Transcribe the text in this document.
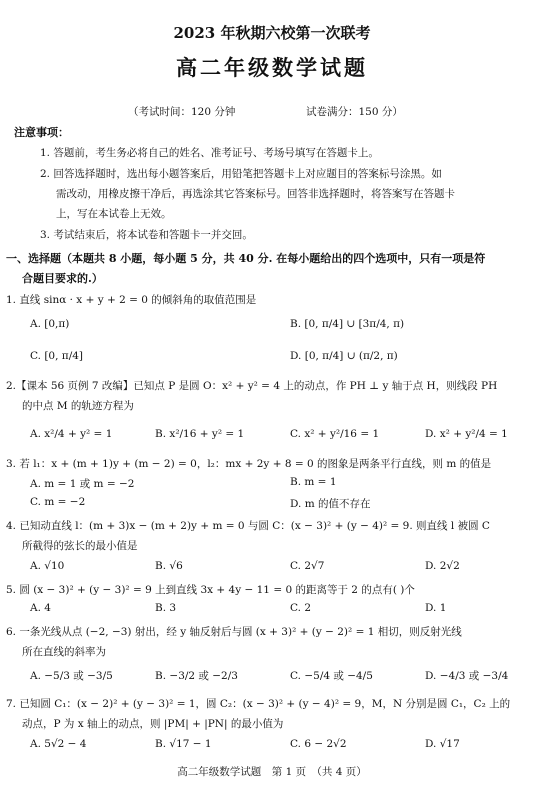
2023 年秋期六校第一次联考
高二年级数学试题
（考试时间：120 分钟	试卷满分：150 分）
注意事项：
1. 答题前，考生务必将自己的姓名、准考证号、考场号填写在答题卡上。
2. 回答选择题时，选出每小题答案后，用铅笔把答题卡上对应题目的答案标号涂黑。如
需改动，用橡皮擦干净后，再选涂其它答案标号。回答非选择题时，将答案写在答题卡
上，写在本试卷上无效。
3. 考试结束后，将本试卷和答题卡一并交回。
一、选择题（本题共 8 小题，每小题 5 分，共 40 分. 在每小题给出的四个选项中，只有一项是符
合题目要求的.）
1. 直线 sinα · x + y + 2 = 0 的倾斜角的取值范围是
A. [0,π)	B. [0, π/4] ∪ [3π/4, π)
C. [0, π/4]	D. [0, π/4] ∪ (π/2, π)
2.【课本 56 页例 7 改编】已知点 P 是圆 O：x² + y² = 4 上的动点，作 PH ⊥ y 轴于点 H，则线段 PH
的中点 M 的轨迹方程为
A. x²/4 + y² = 1	B. x²/16 + y² = 1	C. x² + y²/16 = 1	D. x² + y²/4 = 1
3. 若 l₁：x + (m + 1)y + (m − 2) = 0，l₂：mx + 2y + 8 = 0 的图象是两条平行直线，则 m 的值是
A. m = 1 或 m = −2	B. m = 1
C. m = −2	D. m 的值不存在
4. 已知动直线 l：(m + 3)x − (m + 2)y + m = 0 与圆 C：(x − 3)² + (y − 4)² = 9. 则直线 l 被圆 C
所截得的弦长的最小值是
A. √10	B. √6	C. 2√7	D. 2√2
5. 圆 (x − 3)² + (y − 3)² = 9 上到直线 3x + 4y − 11 = 0 的距离等于 2 的点有( )个
A. 4	B. 3	C. 2	D. 1
6. 一条光线从点 (−2, −3) 射出，经 y 轴反射后与圆 (x + 3)² + (y − 2)² = 1 相切，则反射光线
所在直线的斜率为
A. −5/3 或 −3/5	B. −3/2 或 −2/3	C. −5/4 或 −4/5	D. −4/3 或 −3/4
7. 已知圆 C₁：(x − 2)² + (y − 3)² = 1，圆 C₂：(x − 3)² + (y − 4)² = 9，M，N 分别是圆 C₁，C₂ 上的
动点，P 为 x 轴上的动点，则 |PM| + |PN| 的最小值为
A. 5√2 − 4	B. √17 − 1	C. 6 − 2√2	D. √17
高二年级数学试题　第 1 页　（共 4 页）
